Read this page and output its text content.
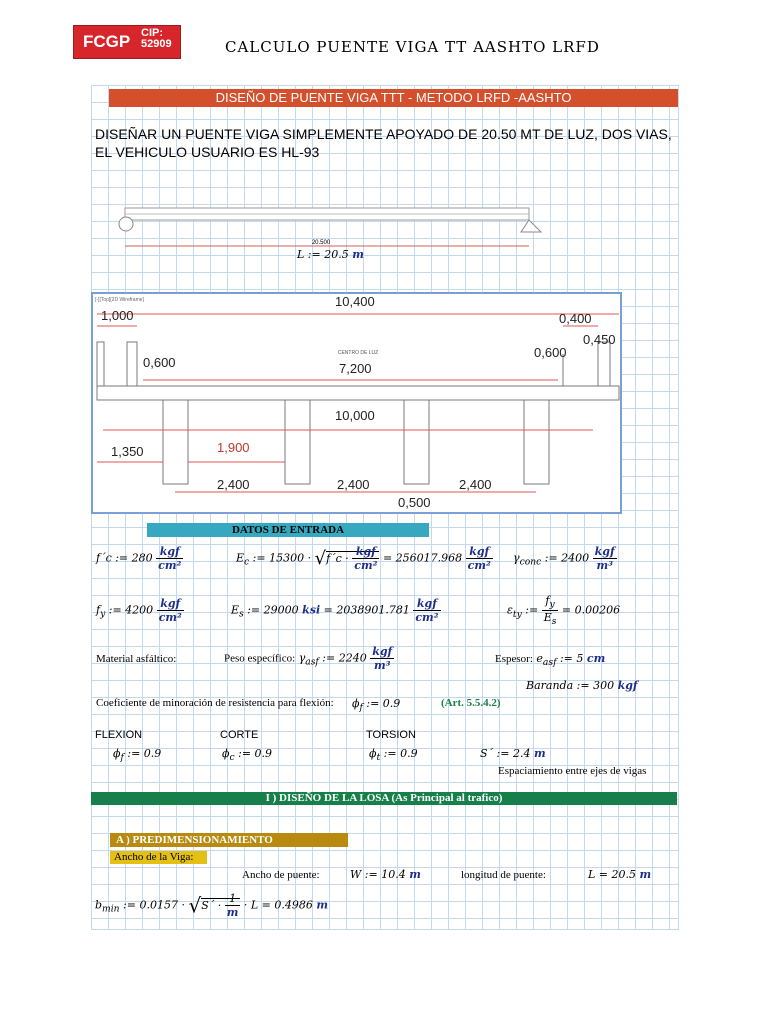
FCGP CIP:
52909	CALCULO PUENTE VIGA TT AASHTO LRFD
DISEÑO DE PUENTE VIGA TTT - METODO LRFD -AASHTO
DISEÑAR UN PUENTE VIGA SIMPLEMENTE APOYADO DE 20.50 MT DE LUZ, DOS VIAS, EL VEHICULO USUARIO ES HL-93
20.500
L := 20.5 m
[-][Top][2D Wireframe]
CENTRO DE LUZ
10,400
1,000	0,400
0,450
0,600
0,600
7,200
10,000
1,350	1,900
2,400	2,400	2,400
0,500
DATOS DE ENTRADA
f´c := $280 \frac{\text{kgf}}{\text{cm²}}$	$E_c$ := 15300 · √f´c · $\frac{\text{kgf}}{\text{cm²}} = 256017.968 \frac{\text{kgf}}{\text{cm²}} \gamma_{conc}$ := $2400 \frac{\text{kgf}}{\text{m³}}$
$f_y$ := $4200 \frac{\text{kgf}}{\text{cm²}}$	$E_s$ := 29000 ksi = $2038901.781 \frac{\text{kgf}}{\text{cm²}}$	$\varepsilon_{ty}$ := $\frac{f_y}{E_s} = 0.00206$
Material asfáltico:	Peso específico: $\gamma_{asf}$ := $2240 \frac{\text{kgf}}{\text{m³}}$	Espesor: $e_{asf}$ := 5 cm
Baranda := 300 kgf
Coeficiente de minoración de resistencia para flexión: $\phi_f$ := 0.9	(Art. 5.5.4.2)
FLEXION	CORTE	TORSION
$\phi_f$ := 0.9	$\phi_c$ := 0.9	$\phi_t$ := 0.9	S´ := 2.4 m
Espaciamiento entre ejes de vigas
I ) DISEÑO DE LA LOSA (As Principal al trafico)
A ) PREDIMENSIONAMIENTO
Ancho de la Viga:
Ancho de puente:	W := 10.4 m	longitud de puente:	L = 20.5 m
$b_{min}$ := 0.0157 · √S´ · $\frac{1}{m} \cdot L = 0.4986$ m
